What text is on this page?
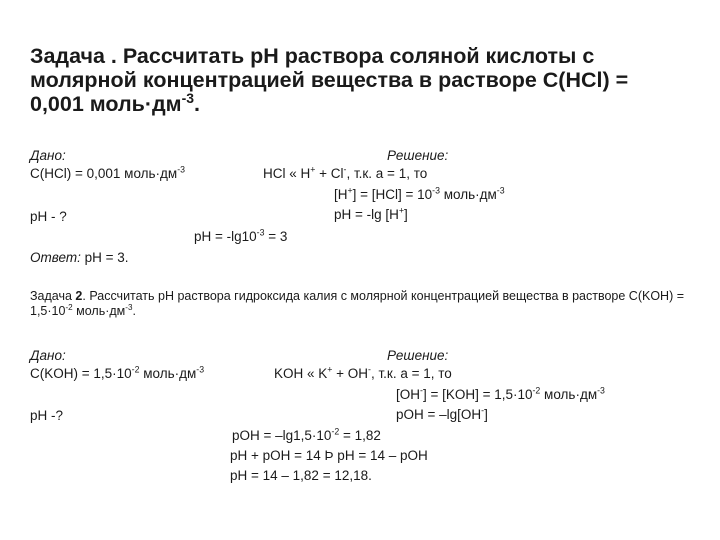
Задача . Рассчитать рН раствора соляной кислоты с молярной концентрацией вещества в растворе С(HCl) = 0,001 $моль\cdot дм^{-3}$.
Дано:
C(HCl) = 0,001 $моль\cdot дм^{-3}$
pH - ?
Ответ: pH = 3.
Решение:
HCl « H+ + Cl-, т.к. a = 1, то
$[H^+] = [HCl] = 10^{-3}$ $моль\cdot дм^{-3}$
pH = -lg [H+]
pH = $-\lg 10^{-3} = 3$
Задача 2. Рассчитать рН раствора гидроксида калия с молярной концентрацией вещества в растворе $С(KOH) = 1,5\cdot 10^{-2}$ $моль\cdot дм^{-3}$.
Дано:
$C(KOH) = 1,5\cdot 10^{-2}$ $моль\cdot дм^{-3}$
pH -?
Решение:
KOH « K+ + OH-, т.к. a = 1, то
$[OH^-] = [KOH] = 1,5\cdot 10^{-2}$ $моль\cdot дм^{-3}$
pOH = –lg[OH-]
pOH = $-\lg 1,5\cdot 10^{-2} = 1,82$
pH + pOH = 14 Þ pH = 14 – pOH
pH = 14 – 1,82 = 12,18.
